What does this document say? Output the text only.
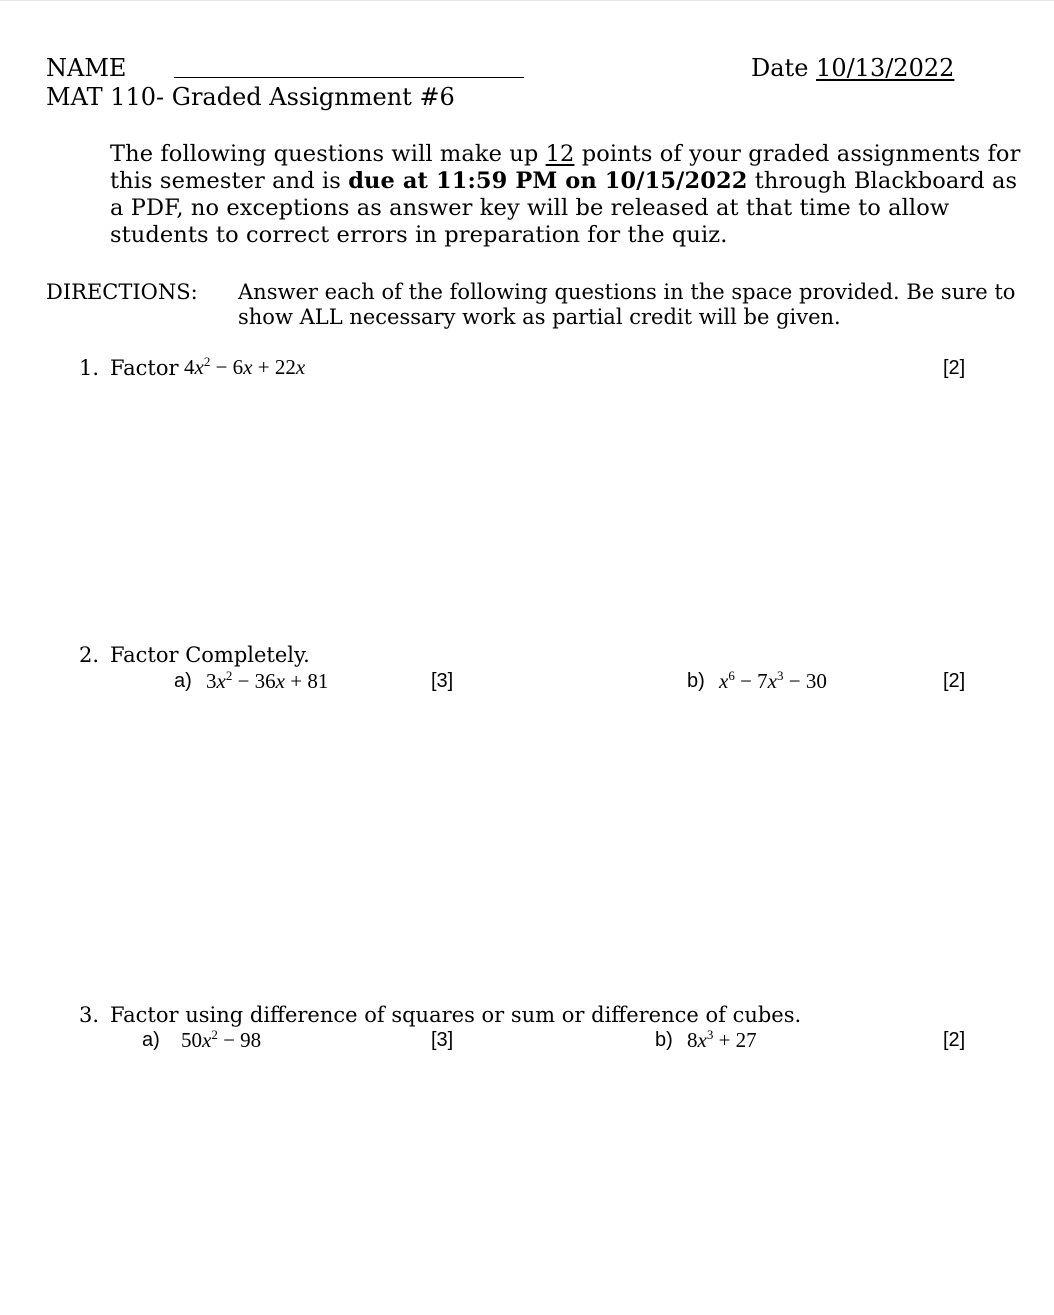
NAME	Date 10/13/2022
MAT 110- Graded Assignment #6
The following questions will make up 12 points of your graded assignments for this semester and is due at 11:59 PM on 10/15/2022 through Blackboard as a PDF, no exceptions as answer key will be released at that time to allow students to correct errors in preparation for the quiz.
DIRECTIONS: Answer each of the following questions in the space provided. Be sure to show ALL necessary work as partial credit will be given.
1. Factor $4x^2 - 6x + 22x$	[2]
2. Factor Completely.
a) $3x^2 - 36x + 81$	[3]	b) $x^6 - 7x^3 - 30$	[2]
3. Factor using difference of squares or sum or difference of cubes.
a) $50x^2 - 98$	[3]	b) $8x^3 + 27$	[2]
